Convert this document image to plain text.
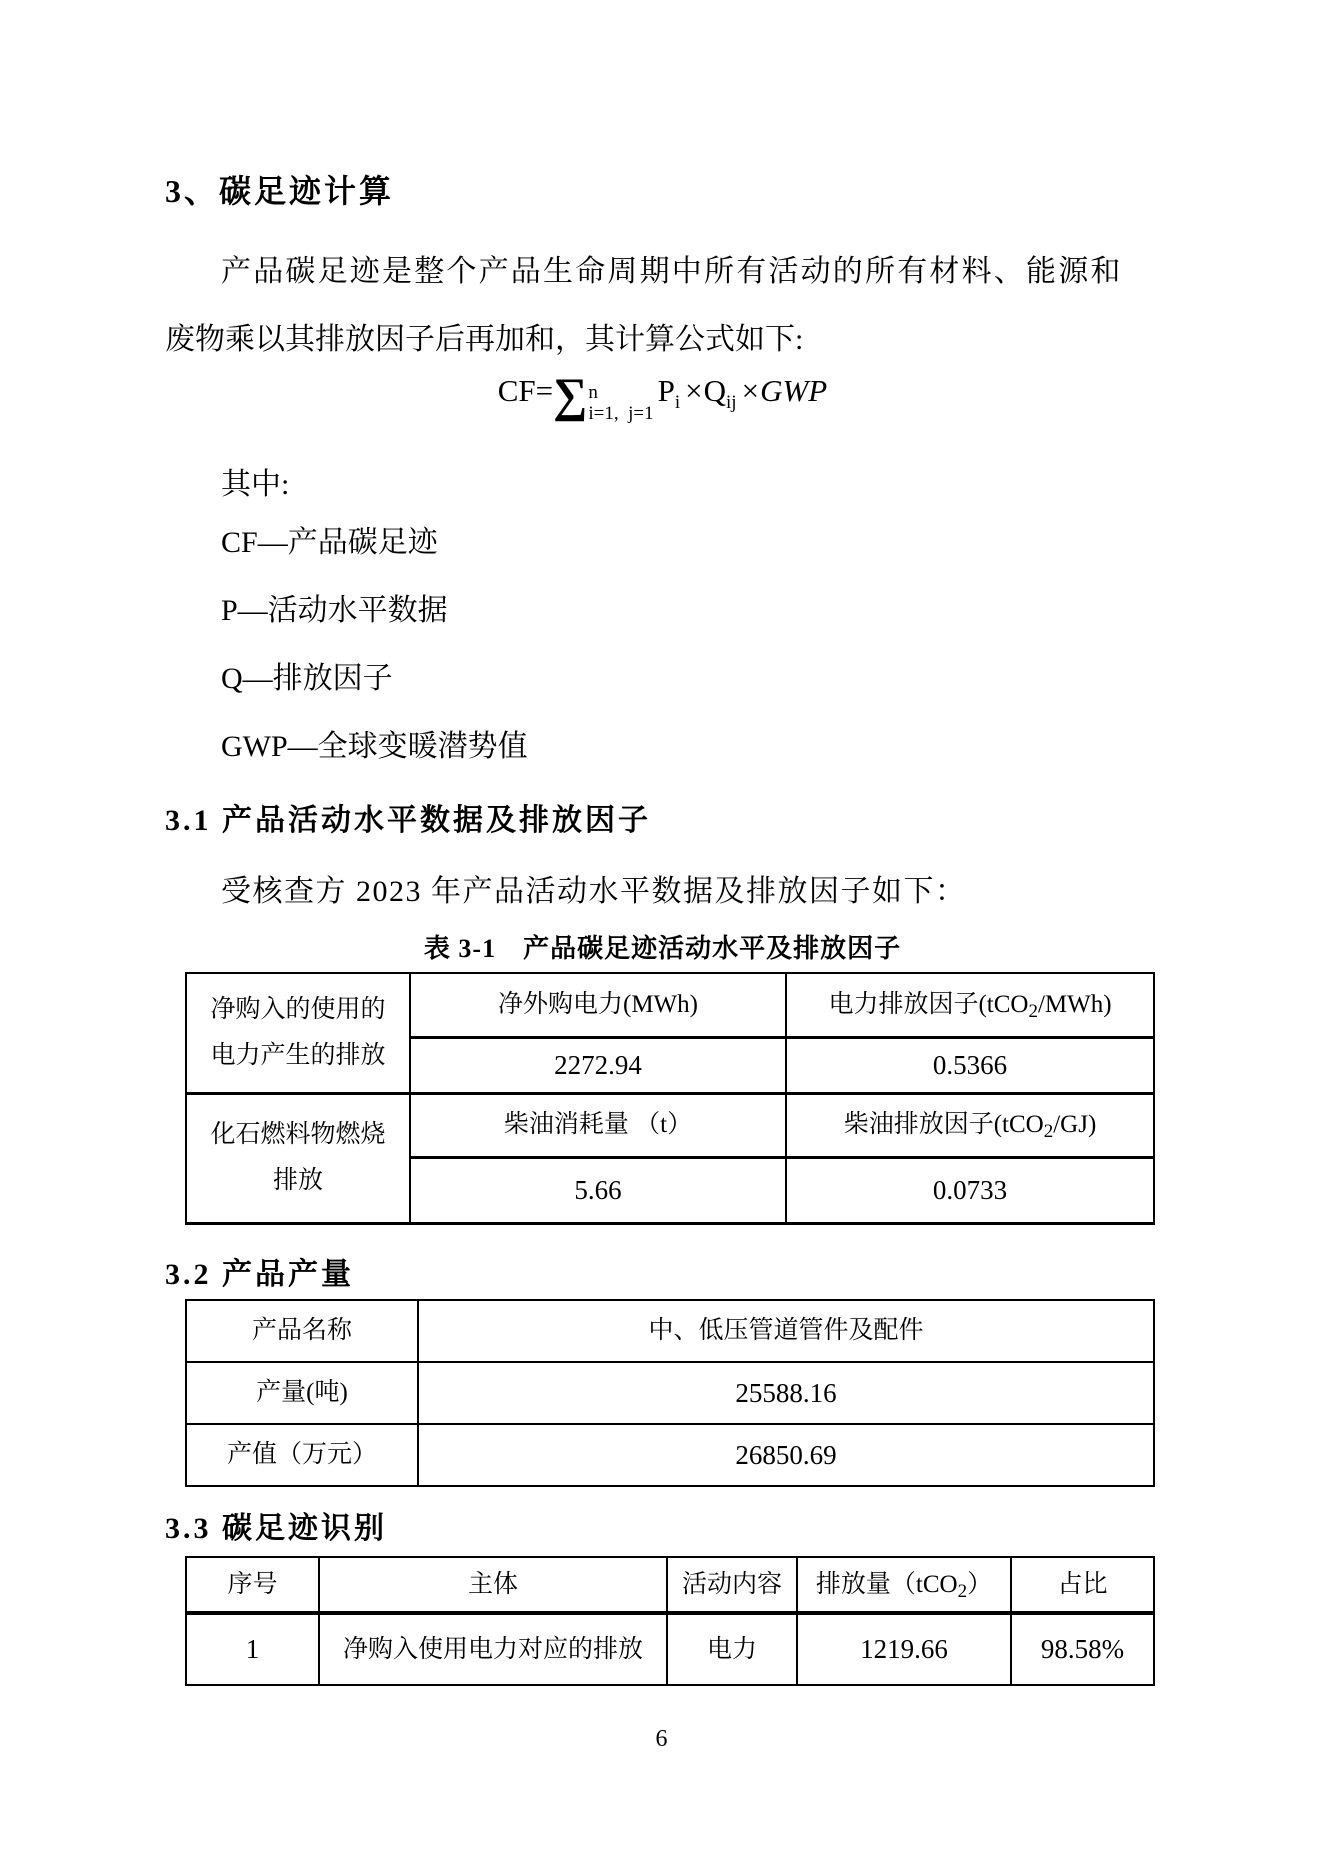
3、碳足迹计算
产品碳足迹是整个产品生命周期中所有活动的所有材料、能源和
废物乘以其排放因子后再加和，其计算公式如下:
CF=∑ n
i=1,  j=1
$P_i \times Q_{ij} \times GWP$
其中:
CF—产品碳足迹
P—活动水平数据
Q—排放因子
GWP—全球变暖潜势值
3.1 产品活动水平数据及排放因子
受核查方 2023 年产品活动水平数据及排放因子如下：
表 3-1　产品碳足迹活动水平及排放因子
净购入的使用的
电力产生的排放	净外购电力(MWh)	电力排放因子(tCO$_2$/MWh)
	2272.94	0.5366

化石燃料物燃烧
排放	柴油消耗量 （t）	柴油排放因子(tCO$_2$/GJ)
	5.66	0.0733
3.2 产品产量
产品名称	中、低压管道管件及配件
产量(吨)	25588.16
产值（万元）	26850.69
3.3 碳足迹识别
序号	主体	活动内容	排放量（tCO$_2$）	占比
1	净购入使用电力对应的排放	电力	1219.66	98.58%
6
